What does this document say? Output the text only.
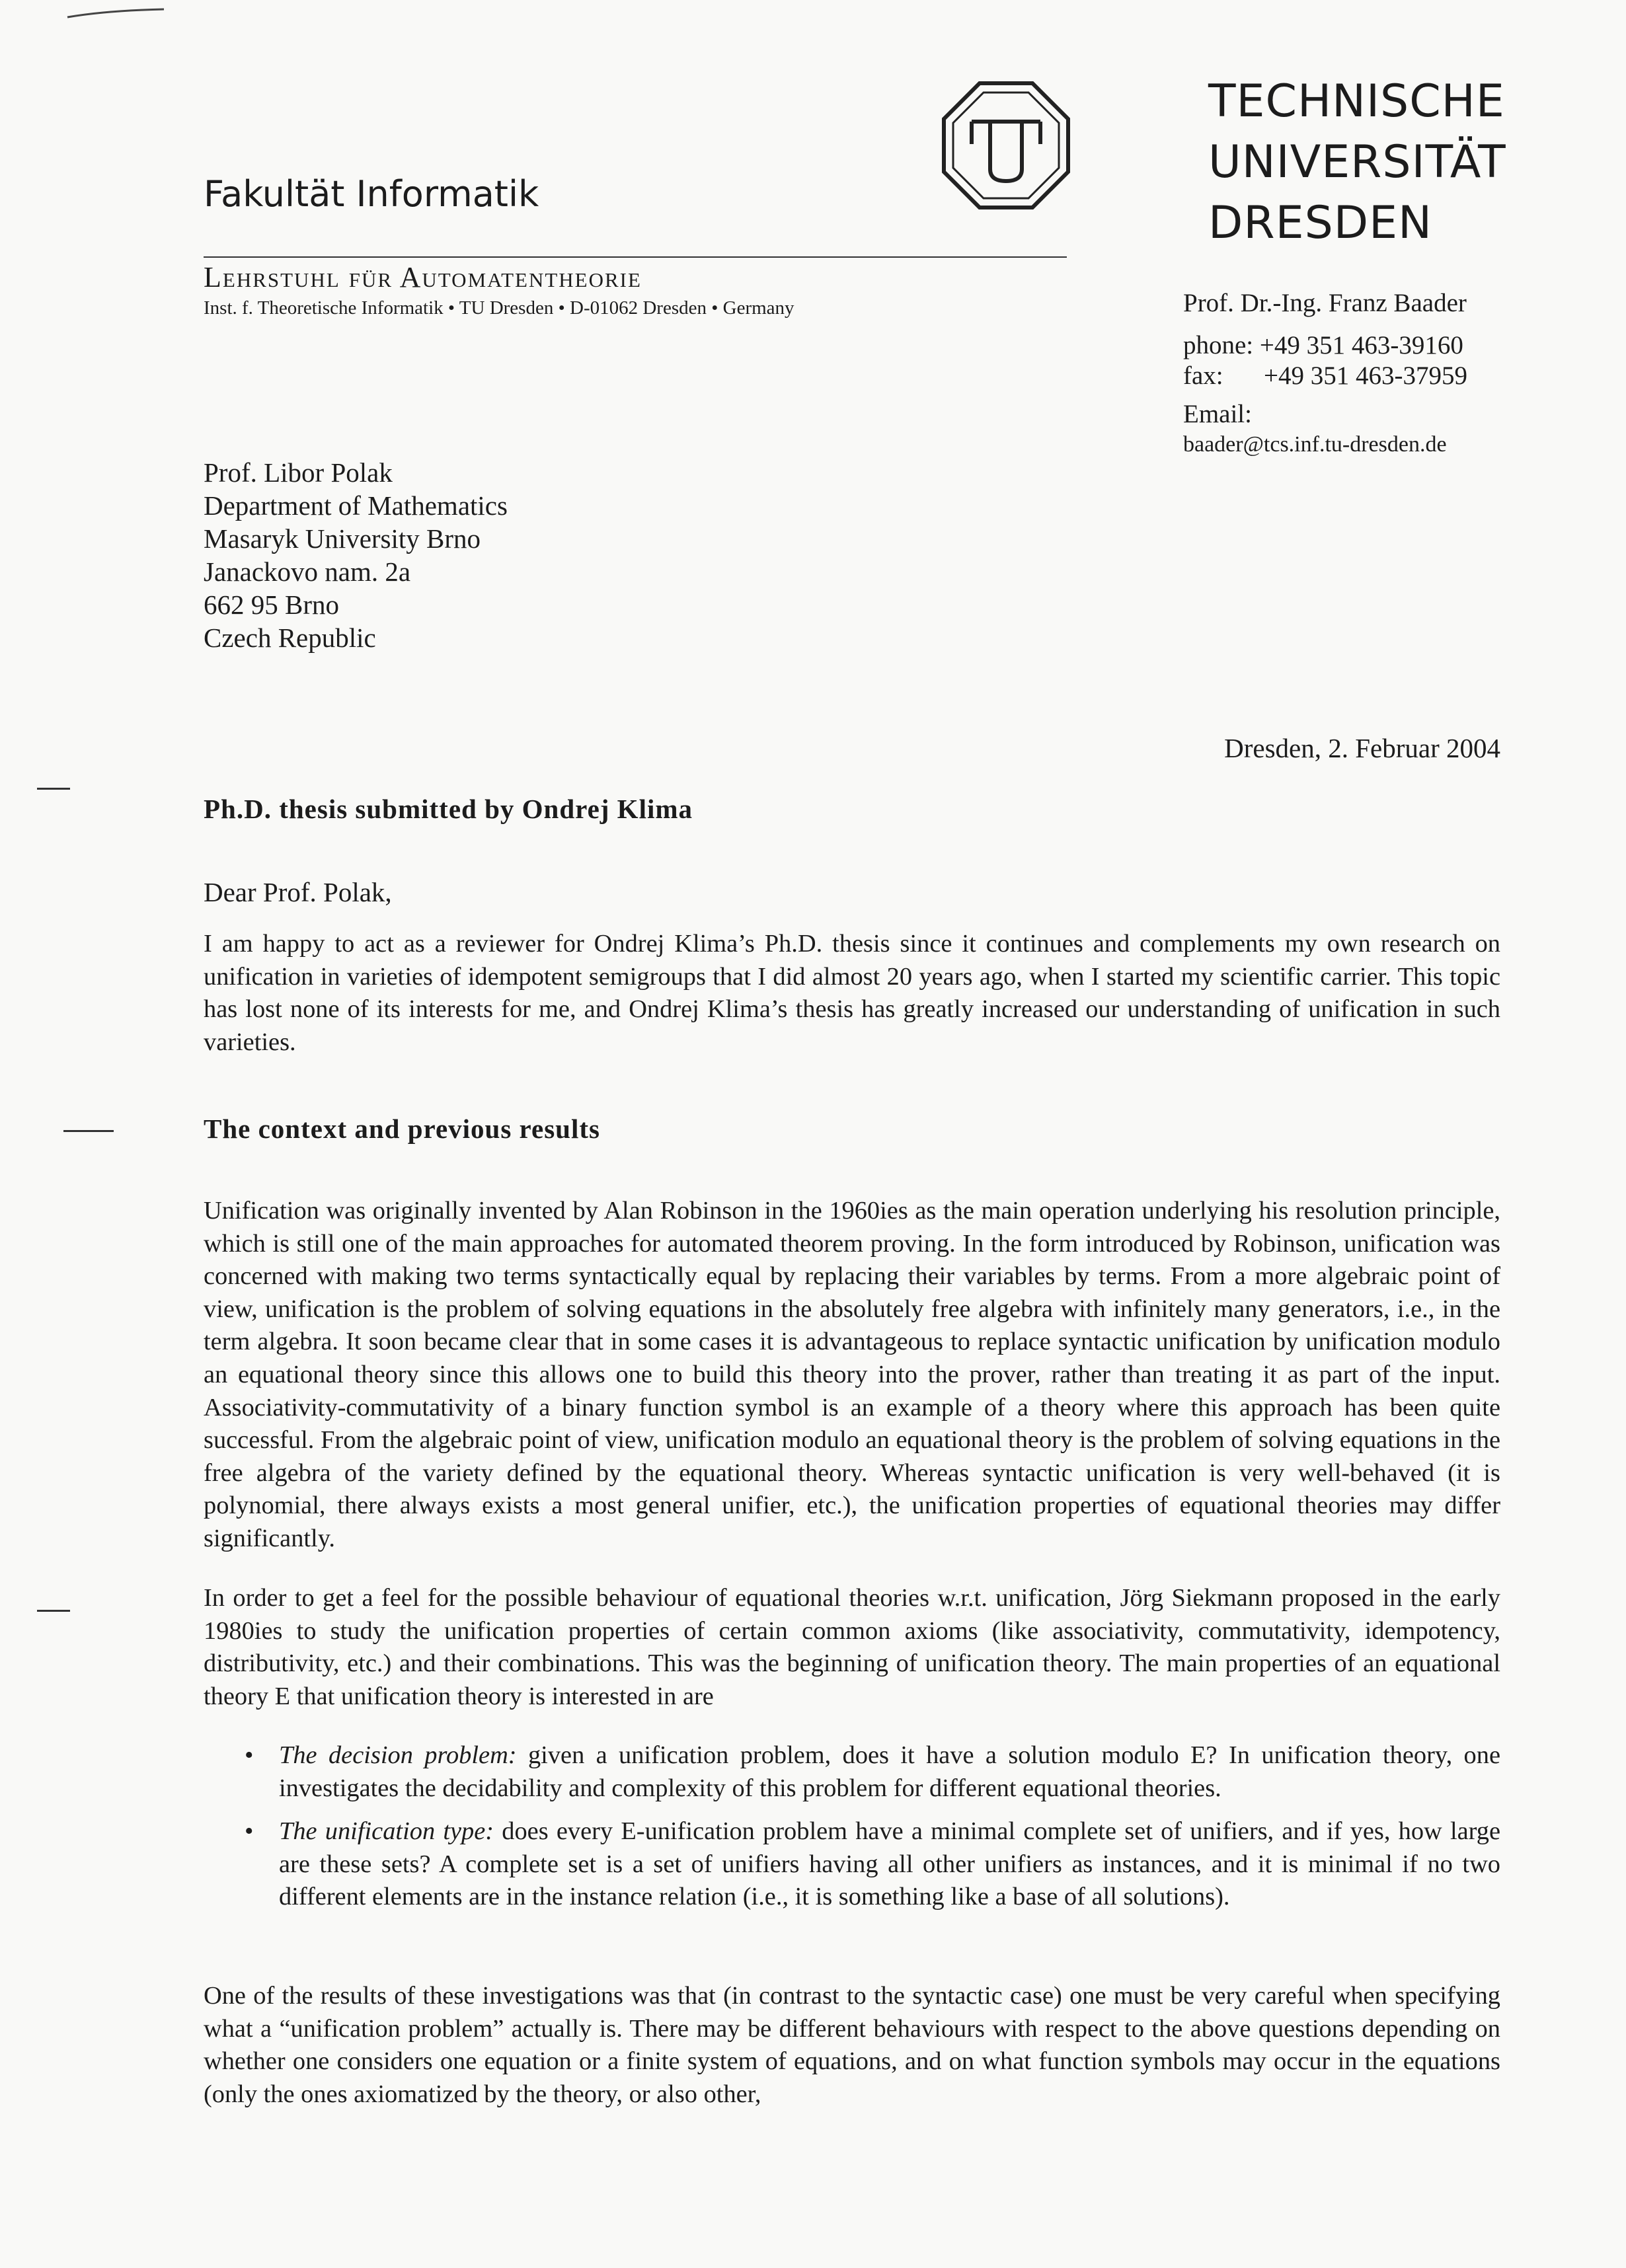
Fakultät Informatik
TECHNISCHE
UNIVERSITÄT
DRESDEN
Lehrstuhl für Automatentheorie
Inst. f. Theoretische Informatik • TU Dresden • D-01062 Dresden • Germany	Prof. Dr.-Ing. Franz Baader
phone: +49 351 463-39160
fax: +49 351 463-37959
Email:
baader@tcs.inf.tu-dresden.de
Prof. Libor Polak
Department of Mathematics
Masaryk University Brno
Janackovo nam. 2a
662 95 Brno
Czech Republic
Dresden, 2. Februar 2004
Ph.D. thesis submitted by Ondrej Klima
Dear Prof. Polak,
I am happy to act as a reviewer for Ondrej Klima’s Ph.D. thesis since it continues and complements my own research on unification in varieties of idempotent semigroups that I did almost 20 years ago, when I started my scientific carrier. This topic has lost none of its interests for me, and Ondrej Klima’s thesis has greatly increased our understanding of unification in such varieties.
The context and previous results
Unification was originally invented by Alan Robinson in the 1960ies as the main operation underlying his resolution principle, which is still one of the main approaches for automated theorem proving. In the form introduced by Robinson, unification was concerned with making two terms syntactically equal by replacing their variables by terms. From a more algebraic point of view, unification is the problem of solving equations in the absolutely free algebra with infinitely many generators, i.e., in the term algebra. It soon became clear that in some cases it is advantageous to replace syntactic unification by unification modulo an equational theory since this allows one to build this theory into the prover, rather than treating it as part of the input. Associativity-commutativity of a binary function symbol is an example of a theory where this approach has been quite successful. From the algebraic point of view, unification modulo an equational theory is the problem of solving equations in the free algebra of the variety defined by the equational theory. Whereas syntactic unification is very well-behaved (it is polynomial, there always exists a most general unifier, etc.), the unification properties of equational theories may differ significantly.
In order to get a feel for the possible behaviour of equational theories w.r.t. unification, Jörg Siekmann proposed in the early 1980ies to study the unification properties of certain common axioms (like associativity, commutativity, idempotency, distributivity, etc.) and their combinations. This was the beginning of unification theory. The main properties of an equational theory E that unification theory is interested in are
• The decision problem: given a unification problem, does it have a solution modulo E? In unification theory, one investigates the decidability and complexity of this problem for different equational theories.
• The unification type: does every E-unification problem have a minimal complete set of unifiers, and if yes, how large are these sets? A complete set is a set of unifiers having all other unifiers as instances, and it is minimal if no two different elements are in the instance relation (i.e., it is something like a base of all solutions).
One of the results of these investigations was that (in contrast to the syntactic case) one must be very careful when specifying what a “unification problem” actually is. There may be different behaviours with respect to the above questions depending on whether one considers one equation or a finite system of equations, and on what function symbols may occur in the equations (only the ones axiomatized by the theory, or also other,
